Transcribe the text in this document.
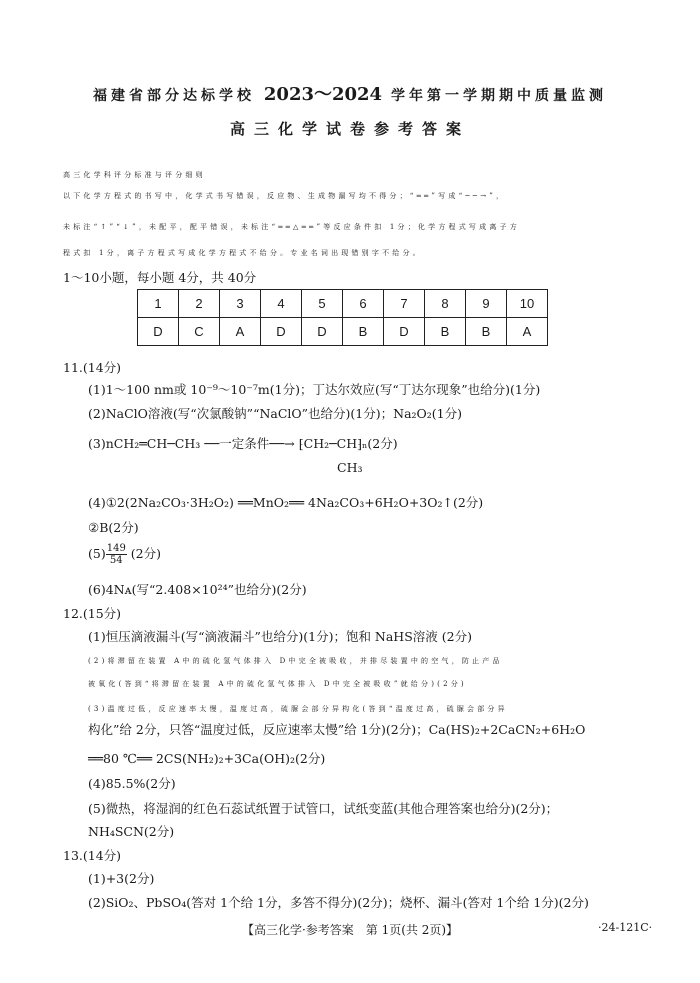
福建省部分达标学校 2023～2024 学年第一学期期中质量监测
高三化学试卷参考答案
高三化学科评分标准与评分细则
以下化学方程式的书写中，化学式书写错误，反应物、生成物漏写均不得分；“══”写成“──→”，
未标注“↑”“↓”，未配平，配平错误，未标注“══△══”等反应条件扣 1分；化学方程式写成离子方
程式扣 1分，离子方程式写成化学方程式不给分。专业名词出现错别字不给分。
1～10小题，每小题 4分，共 40分
1	2	3	4	5	6	7	8	9	10
D	C	A	D	D	B	D	B	B	A
11.(14分)
(1)1～100 nm或 10⁻⁹～10⁻⁷m(1分)；丁达尔效应(写“丁达尔现象”也给分)(1分)
(2)NaClO溶液(写“次氯酸钠”“NaClO”也给分)(1分)；Na₂O₂(1分)
(3)nCH₂═CH─CH₃ ──一定条件──→ ⁅CH₂─CH⁆ₙ(2分)
CH₃
(4)①2(2Na₂CO₃·3H₂O₂) ══MnO₂══ 4Na₂CO₃+6H₂O+3O₂↑(2分)
②B(2分)
$(5) \frac{149}{54} (2$分)
(6)4Nᴀ(写“2.408×10²⁴”也给分)(2分)
12.(15分)
(1)恒压滴液漏斗(写“滴液漏斗”也给分)(1分)；饱和 NaHS溶液 (2分)
(2)将滞留在装置 A中的硫化氢气体排入 D中完全被吸收，并排尽装置中的空气，防止产品
被氧化(答到“将滞留在装置 A中的硫化氢气体排入 D中完全被吸收”就给分)(2分)
(3)温度过低，反应速率太慢，温度过高，硫脲会部分异构化(答到“温度过高，硫脲会部分异
构化”给 2分，只答“温度过低，反应速率太慢”给 1分)(2分)；Ca(HS)₂+2CaCN₂+6H₂O
══80 ℃══ 2CS(NH₂)₂+3Ca(OH)₂(2分)
(4)85.5%(2分)
(5)微热，将湿润的红色石蕊试纸置于试管口，试纸变蓝(其他合理答案也给分)(2分)；
NH₄SCN(2分)
13.(14分)
(1)+3(2分)
(2)SiO₂、PbSO₄(答对 1个给 1分，多答不得分)(2分)；烧杯、漏斗(答对 1个给 1分)(2分)
【高三化学·参考答案　第 1页(共 2页)】	·24-121C·
